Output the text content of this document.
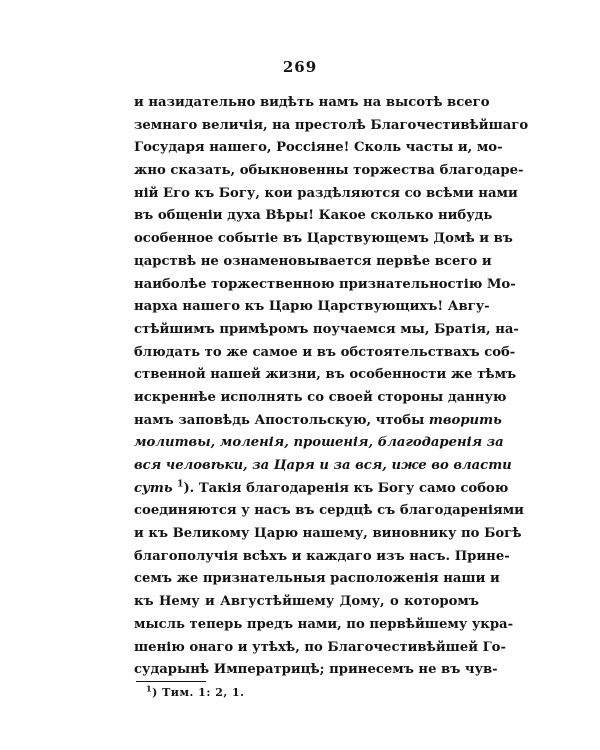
269
и назидательно видѣть намъ на высотѣ всего
земнаго величія, на престолѣ Благочестивѣйшаго
Государя нашего, Россіяне! Сколь часты и, мо-
жно сказать, обыкновенны торжества благодаре-
ній Его къ Богу, кои раздѣляются со всѣми нами
въ общеніи духа Вѣры! Какое сколько нибудь
особенное событіе въ Царствующемъ Домѣ и въ
царствѣ не ознаменовывается первѣе всего и
наиболѣе торжественною признательностію Мо-
нарха нашего къ Царю Царствующихъ! Авгу-
стѣйшимъ примѣромъ поучаемся мы, Братія, на-
блюдать то же самое и въ обстоятельствахъ соб-
ственной нашей жизни, въ особенности же тѣмъ
искреннѣе исполнять со своей стороны данную
намъ заповѣдь Апостольскую, чтобы творить
молитвы, моленія, прошенія, благодаренія за
вся человѣки, за Царя и за вся, иже во власти
суть $^1$). Такія благодаренія къ Богу само собою
соединяются у насъ въ сердцѣ съ благодареніями
и къ Великому Царю нашему, виновнику по Богѣ
благополучія всѣхъ и каждаго изъ насъ. Прине-
семъ же признательныя расположенія наши и
къ Нему и Августѣйшему Дому, о которомъ
мысль теперь предъ нами, по первѣйшему укра-
шенію онаго и утѣхѣ, по Благочестивѣйшей Го-
сударынѣ Императрицѣ; принесемъ не въ чув-
$^1$) Тим. 1: 2, 1.
